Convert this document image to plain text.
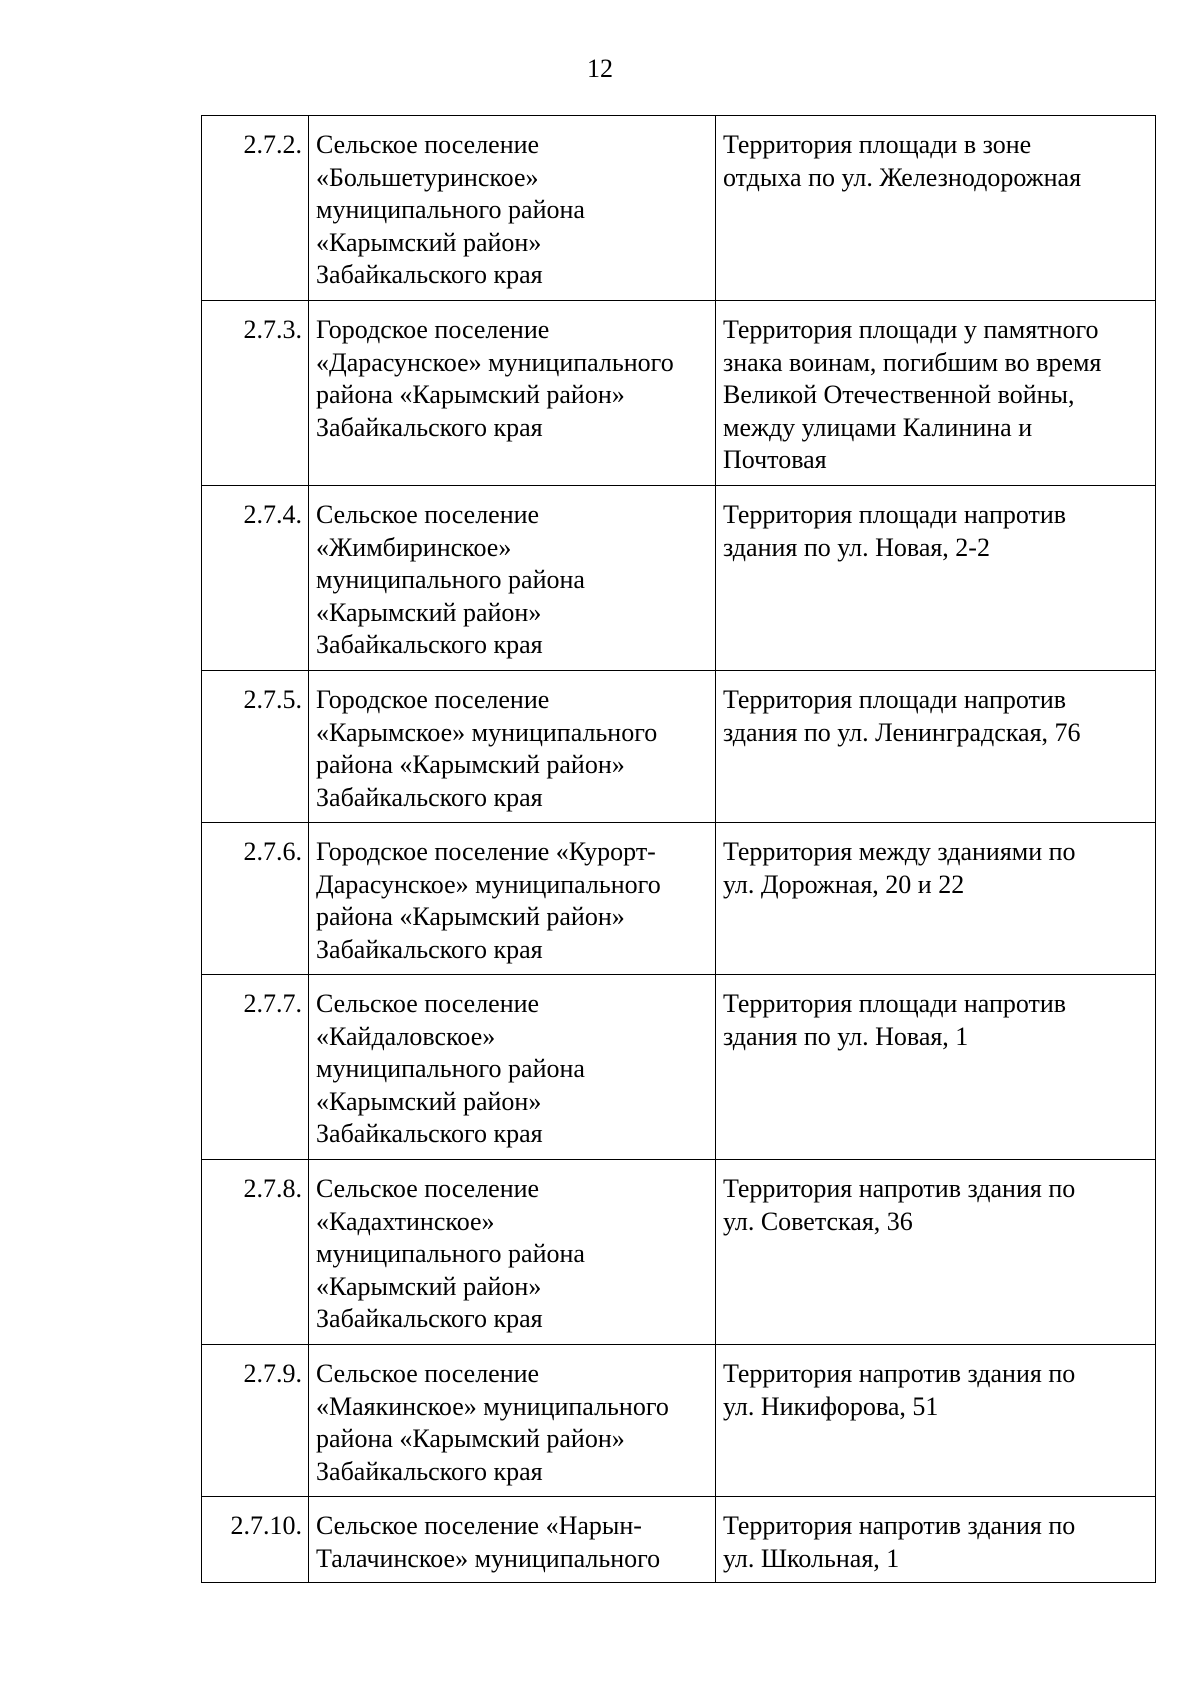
12
2.7.2.	Сельское поселение
«Большетуринское»
муниципального района
«Карымский район»
Забайкальского края	Территория площади в зоне
отдыха по ул. Железнодорожная

2.7.3.	Городское поселение
«Дарасунское» муниципального
района «Карымский район»
Забайкальского края	Территория площади у памятного
знака воинам, погибшим во время
Великой Отечественной войны,
между улицами Калинина и
Почтовая

2.7.4.	Сельское поселение
«Жимбиринское»
муниципального района
«Карымский район»
Забайкальского края	Территория площади напротив
здания по ул. Новая, 2-2

2.7.5.	Городское поселение
«Карымское» муниципального
района «Карымский район»
Забайкальского края	Территория площади напротив
здания по ул. Ленинградская, 76

2.7.6.	Городское поселение «Курорт-
Дарасунское» муниципального
района «Карымский район»
Забайкальского края	Территория между зданиями по
ул. Дорожная, 20 и 22

2.7.7.	Сельское поселение
«Кайдаловское»
муниципального района
«Карымский район»
Забайкальского края	Территория площади напротив
здания по ул. Новая, 1

2.7.8.	Сельское поселение
«Кадахтинское»
муниципального района
«Карымский район»
Забайкальского края	Территория напротив здания по
ул. Советская, 36

2.7.9.	Сельское поселение
«Маякинское» муниципального
района «Карымский район»
Забайкальского края	Территория напротив здания по
ул. Никифорова, 51

2.7.10.	Сельское поселение «Нарын-
Талачинское» муниципального	Территория напротив здания по
ул. Школьная, 1
